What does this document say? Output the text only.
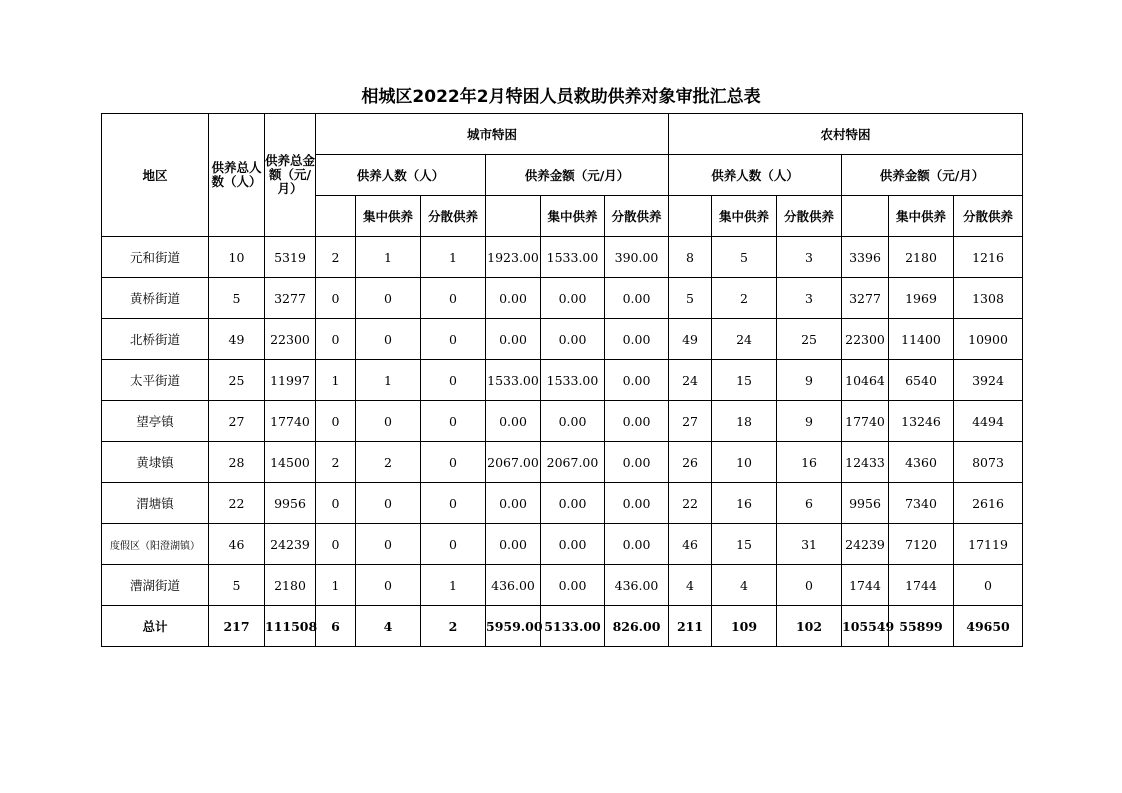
相城区2022年2月特困人员救助供养对象审批汇总表
地区	供养总人数（人）	供养总金额（元/月）	城市特困						农村特困					
			供养人数（人）			供养金额（元/月）			供养人数（人）			供养金额（元/月）		
				集中供养	分散供养		集中供养	分散供养		集中供养	分散供养		集中供养	分散供养
元和街道	10	5319	2	1	1	1923.00	1533.00	390.00	8	5	3	3396	2180	1216
黄桥街道	5	3277	0	0	0	0.00	0.00	0.00	5	2	3	3277	1969	1308
北桥街道	49	22300	0	0	0	0.00	0.00	0.00	49	24	25	22300	11400	10900
太平街道	25	11997	1	1	0	1533.00	1533.00	0.00	24	15	9	10464	6540	3924
望亭镇	27	17740	0	0	0	0.00	0.00	0.00	27	18	9	17740	13246	4494
黄埭镇	28	14500	2	2	0	2067.00	2067.00	0.00	26	10	16	12433	4360	8073
渭塘镇	22	9956	0	0	0	0.00	0.00	0.00	22	16	6	9956	7340	2616
度假区（阳澄湖镇）	46	24239	0	0	0	0.00	0.00	0.00	46	15	31	24239	7120	17119
漕湖街道	5	2180	1	0	1	436.00	0.00	436.00	4	4	0	1744	1744	0
总计	217	111508	6	4	2	5959.00	5133.00	826.00	211	109	102	105549	55899	49650
